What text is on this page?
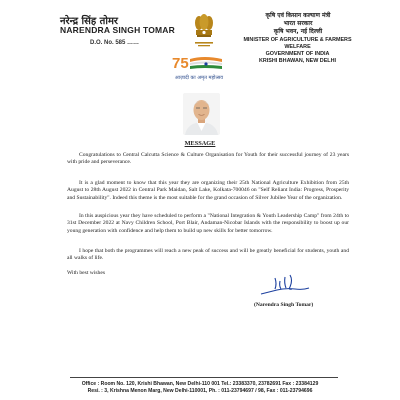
नरेन्द्र सिंह तोमर
NARENDRA SINGH TOMAR
D.O. No. 585 ……
कृषि एवं किसान कल्याण मंत्री
भारत सरकार
कृषि भवन, नई दिल्ली
MINISTER OF AGRICULTURE & FARMERS WELFARE
GOVERNMENT OF INDIA
KRISHI BHAWAN, NEW DELHI
75
आज़ादी का अमृत महोत्सव
MESSAGE
Congratulations to Central Calcutta Science & Culture Organisation for Youth for their successful journey of 23 years with pride and perseverance.
It is a glad moment to know that this year they are organizing their 25th National Agriculture Exhibition from 25th August to 28th August 2022 in Central Park Maidan, Salt Lake, Kolkata-700046 on "Self Reliant India: Progress, Prosperity and Sustainability". Indeed this theme is the most suitable for the grand occasion of Silver Jubilee Year of the organization.
In this auspicious year they have scheduled to perform a "National Integration & Youth Leadership Camp" from 24th to 31st December 2022 at Navy Children School, Port Blair, Andaman-Nicobar Islands with the responsibility to boost up our young generation with confidence and help them to build up new skills for better tomorrow.
I hope that both the programmes will reach a new peak of success and will be greatly beneficial for students, youth and all walks of life.
With best wishes
(Narendra Singh Tomar)
Office : Room No. 120, Krishi Bhawan, New Delhi-110 001 Tel.: 23383370, 23782691 Fax : 23384129
Resi. : 3, Krishna Menon Marg, New Delhi-110001, Ph. : 011-23794697 / 98, Fax : 011-23794696
